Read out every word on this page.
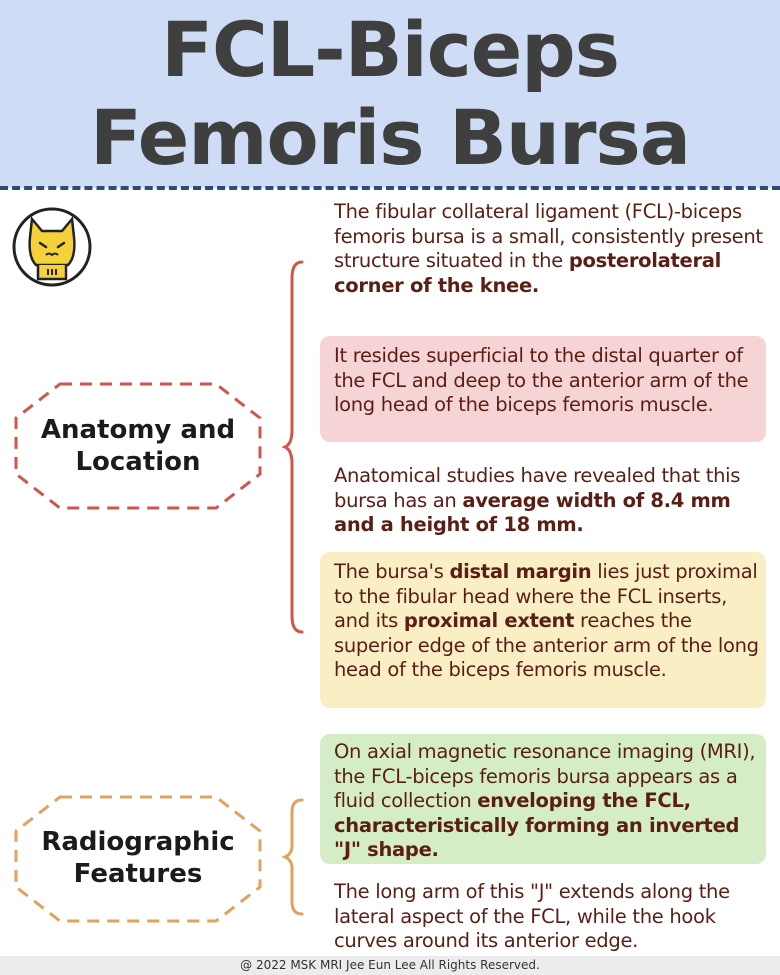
FCL-Biceps
Femoris Bursa
Anatomy and
Location
Radiographic
Features
The fibular collateral ligament (FCL)-biceps femoris bursa is a small, consistently present structure situated in the posterolateral corner of the knee.
It resides superficial to the distal quarter of the FCL and deep to the anterior arm of the long head of the biceps femoris muscle.
Anatomical studies have revealed that this bursa has an average width of 8.4 mm and a height of 18 mm.
The bursa's distal margin lies just proximal to the fibular head where the FCL inserts, and its proximal extent reaches the superior edge of the anterior arm of the long head of the biceps femoris muscle.
On axial magnetic resonance imaging (MRI), the FCL-biceps femoris bursa appears as a fluid collection enveloping the FCL, characteristically forming an inverted "J" shape.
The long arm of this "J" extends along the lateral aspect of the FCL, while the hook curves around its anterior edge.
@ 2022 MSK MRI Jee Eun Lee All Rights Reserved.
